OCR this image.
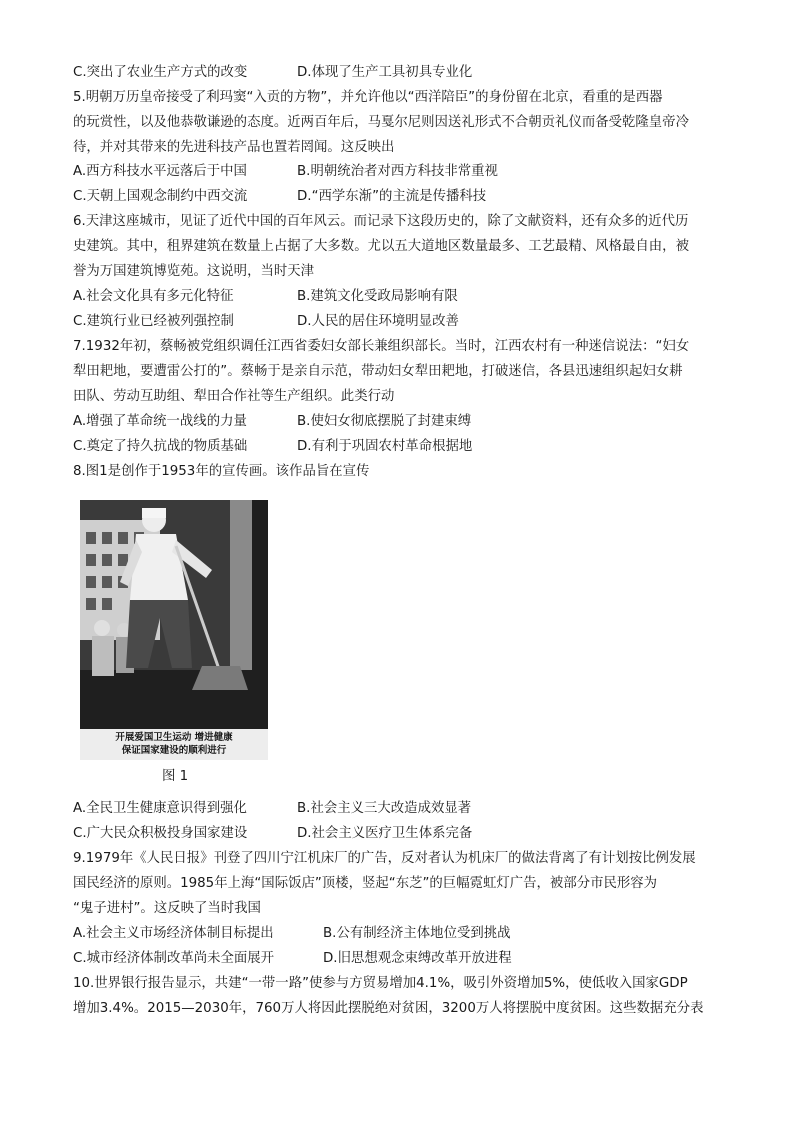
C.突出了农业生产方式的改变	D.体现了生产工具初具专业化
5.明朝万历皇帝接受了利玛窦“入贡的方物”，并允许他以“西洋陪臣”的身份留在北京，看重的是西器
的玩赏性，以及他恭敬谦逊的态度。近两百年后，马戛尔尼则因送礼形式不合朝贡礼仪而备受乾隆皇帝冷
待，并对其带来的先进科技产品也置若罔闻。这反映出
A.西方科技水平远落后于中国	B.明朝统治者对西方科技非常重视
C.天朝上国观念制约中西交流	D.“西学东渐”的主流是传播科技
6.天津这座城市，见证了近代中国的百年风云。而记录下这段历史的，除了文献资料，还有众多的近代历
史建筑。其中，租界建筑在数量上占据了大多数。尤以五大道地区数量最多、工艺最精、风格最自由，被
誉为万国建筑博览苑。这说明，当时天津
A.社会文化具有多元化特征	B.建筑文化受政局影响有限
C.建筑行业已经被列强控制	D.人民的居住环境明显改善
7.1932年初，蔡畅被党组织调任江西省委妇女部长兼组织部长。当时，江西农村有一种迷信说法：“妇女
犁田耙地，要遭雷公打的”。蔡畅于是亲自示范，带动妇女犁田耙地，打破迷信，各县迅速组织起妇女耕
田队、劳动互助组、犁田合作社等生产组织。此类行动
A.增强了革命统一战线的力量	B.使妇女彻底摆脱了封建束缚
C.奠定了持久抗战的物质基础	D.有利于巩固农村革命根据地
8.图1是创作于1953年的宣传画。该作品旨在宣传
开展爱国卫生运动 增进健康
保证国家建设的顺利进行
图 1
A.全民卫生健康意识得到强化	B.社会主义三大改造成效显著
C.广大民众积极投身国家建设	D.社会主义医疗卫生体系完备
9.1979年《人民日报》刊登了四川宁江机床厂的广告，反对者认为机床厂的做法背离了有计划按比例发展
国民经济的原则。1985年上海“国际饭店”顶楼，竖起“东芝”的巨幅霓虹灯广告，被部分市民形容为
“鬼子进村”。这反映了当时我国
A.社会主义市场经济体制目标提出	B.公有制经济主体地位受到挑战
C.城市经济体制改革尚未全面展开	D.旧思想观念束缚改革开放进程
10.世界银行报告显示，共建“一带一路”使参与方贸易增加4.1%，吸引外资增加5%，使低收入国家GDP
增加3.4%。2015—2030年，760万人将因此摆脱绝对贫困，3200万人将摆脱中度贫困。这些数据充分表
